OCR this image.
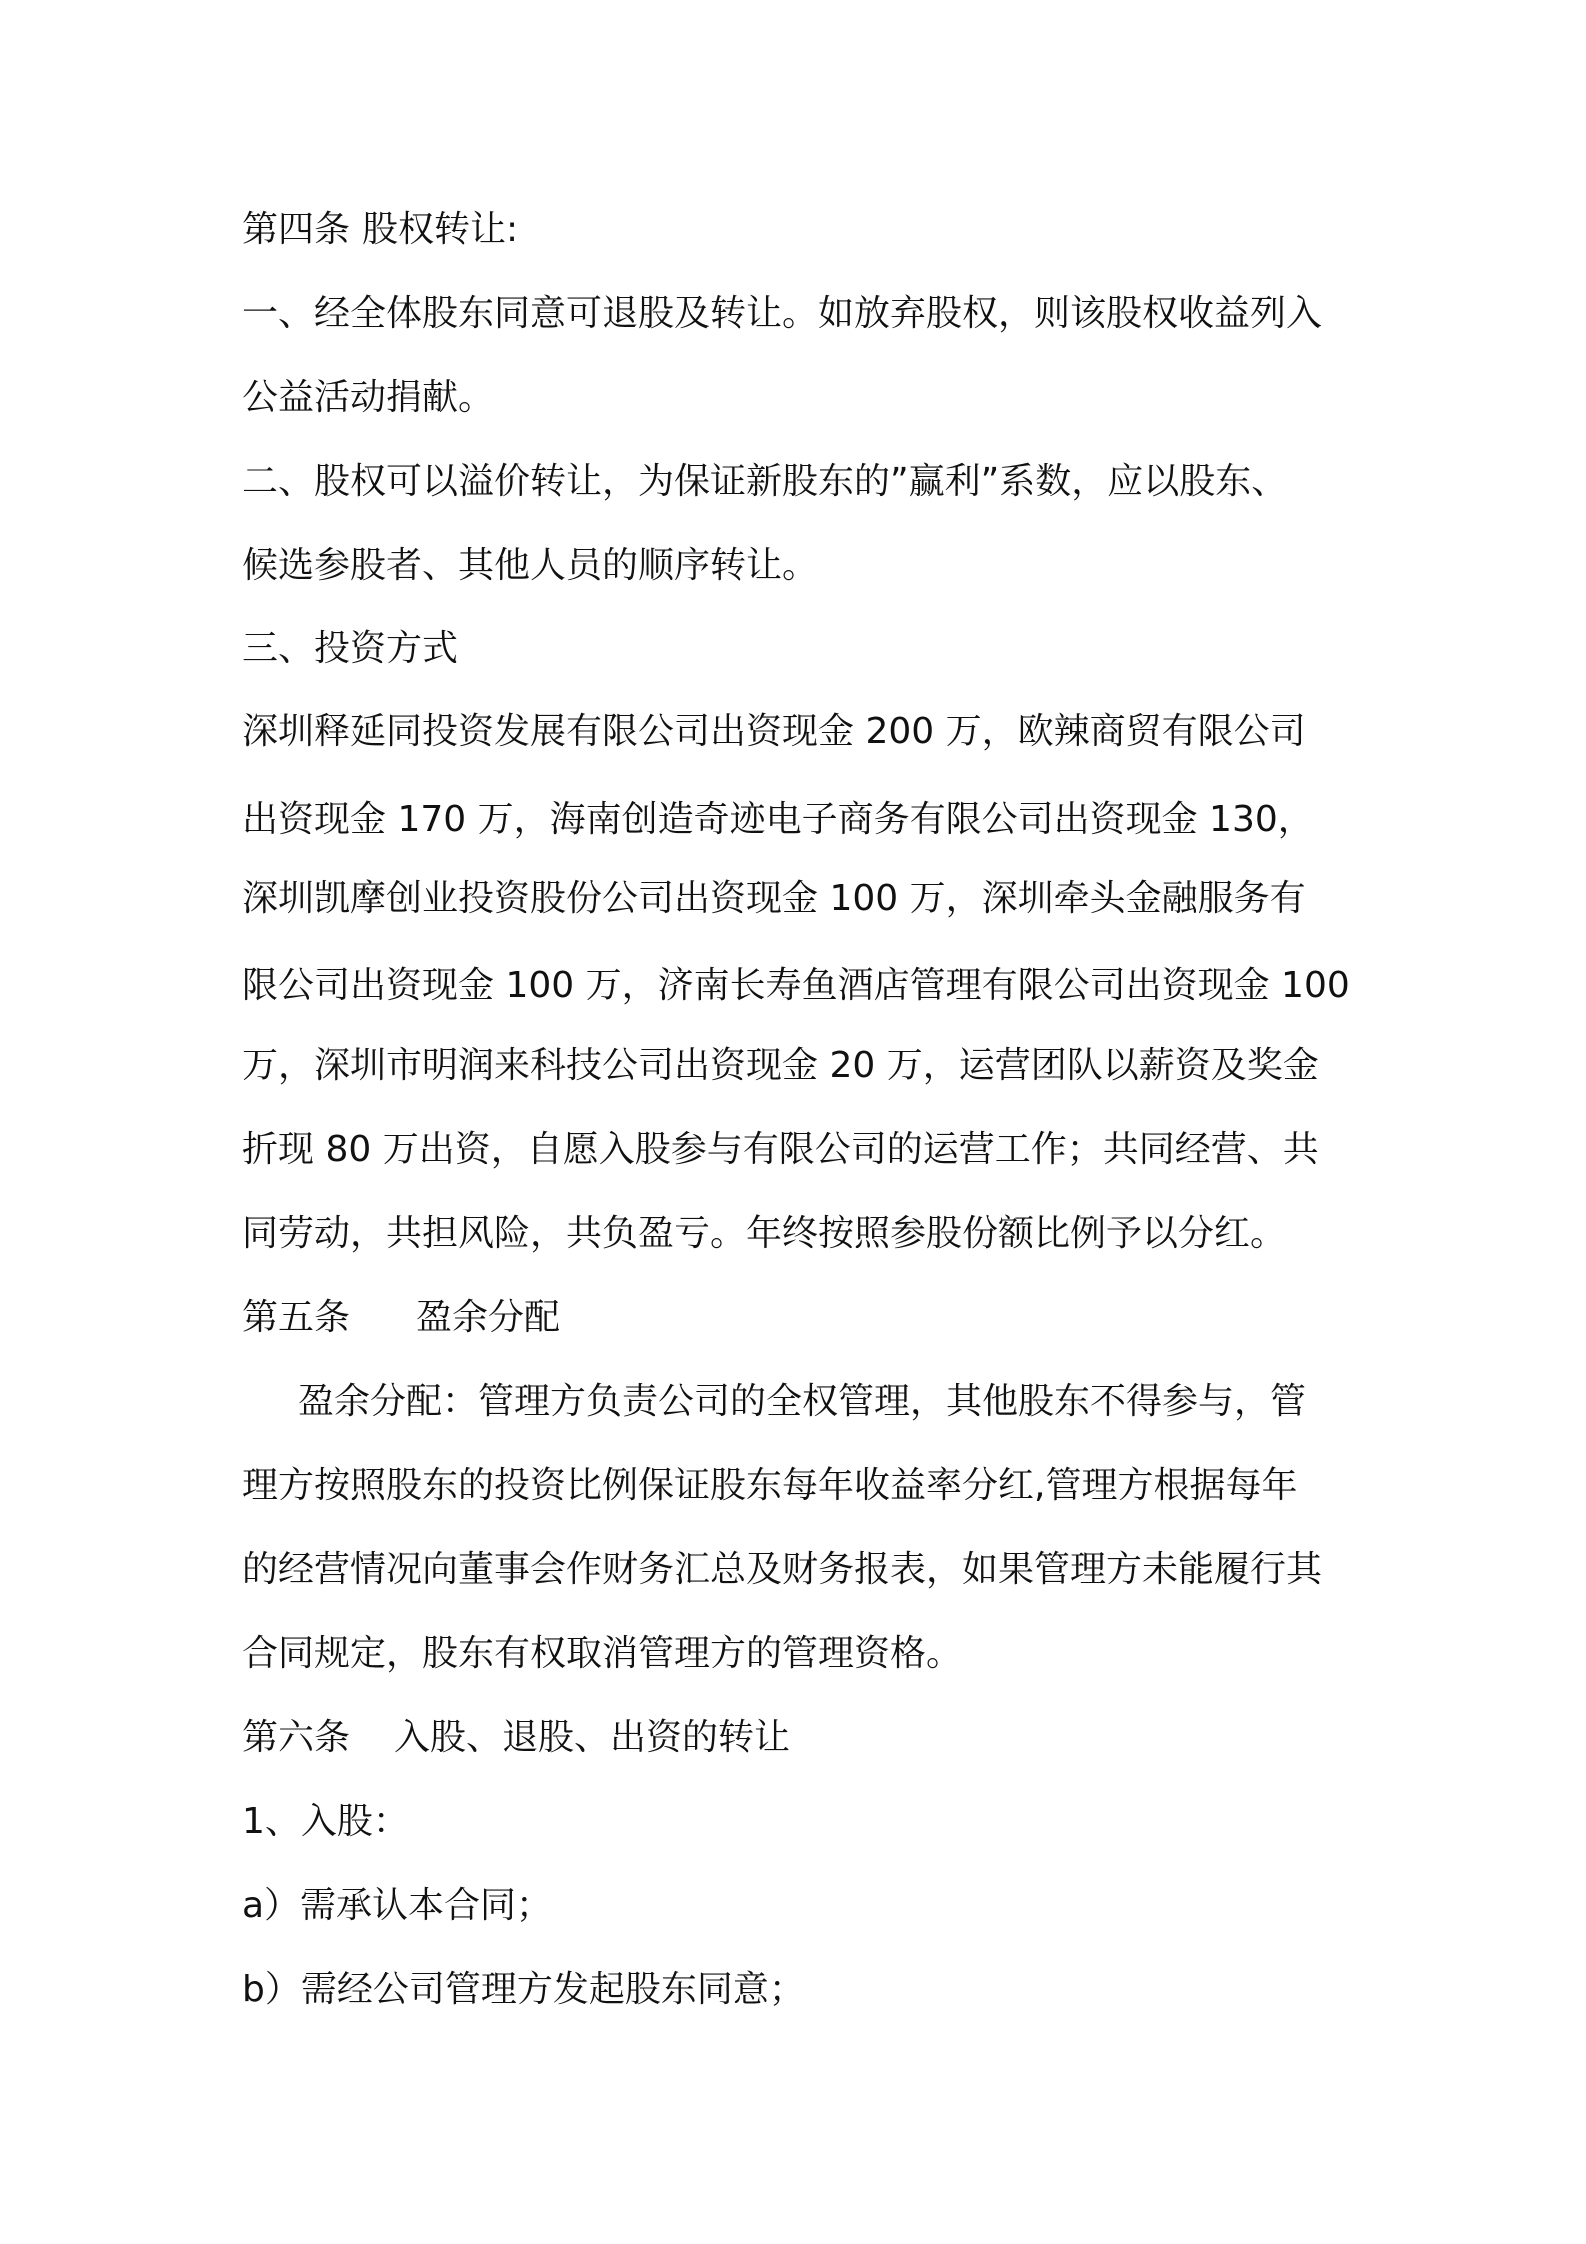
第四条 股权转让:
一、经全体股东同意可退股及转让。如放弃股权，则该股权收益列入
公益活动捐献。
二、股权可以溢价转让，为保证新股东的”赢利”系数，应以股东、
候选参股者、其他人员的顺序转让。
三、投资方式
深圳释延同投资发展有限公司出资现金 200 万，欧辣商贸有限公司
出资现金 170 万，海南创造奇迹电子商务有限公司出资现金 130，
深圳凯摩创业投资股份公司出资现金 100 万，深圳牵头金融服务有
限公司出资现金 100 万，济南长寿鱼酒店管理有限公司出资现金 100
万，深圳市明润来科技公司出资现金 20 万，运营团队以薪资及奖金
折现 80 万出资，自愿入股参与有限公司的运营工作；共同经营、共
同劳动，共担风险，共负盈亏。年终按照参股份额比例予以分红。
第五条 盈余分配
盈余分配：管理方负责公司的全权管理，其他股东不得参与，管
理方按照股东的投资比例保证股东每年收益率分红,管理方根据每年
的经营情况向董事会作财务汇总及财务报表，如果管理方未能履行其
合同规定，股东有权取消管理方的管理资格。
第六条 入股、退股、出资的转让
1、入股：
a）需承认本合同；
b）需经公司管理方发起股东同意；
